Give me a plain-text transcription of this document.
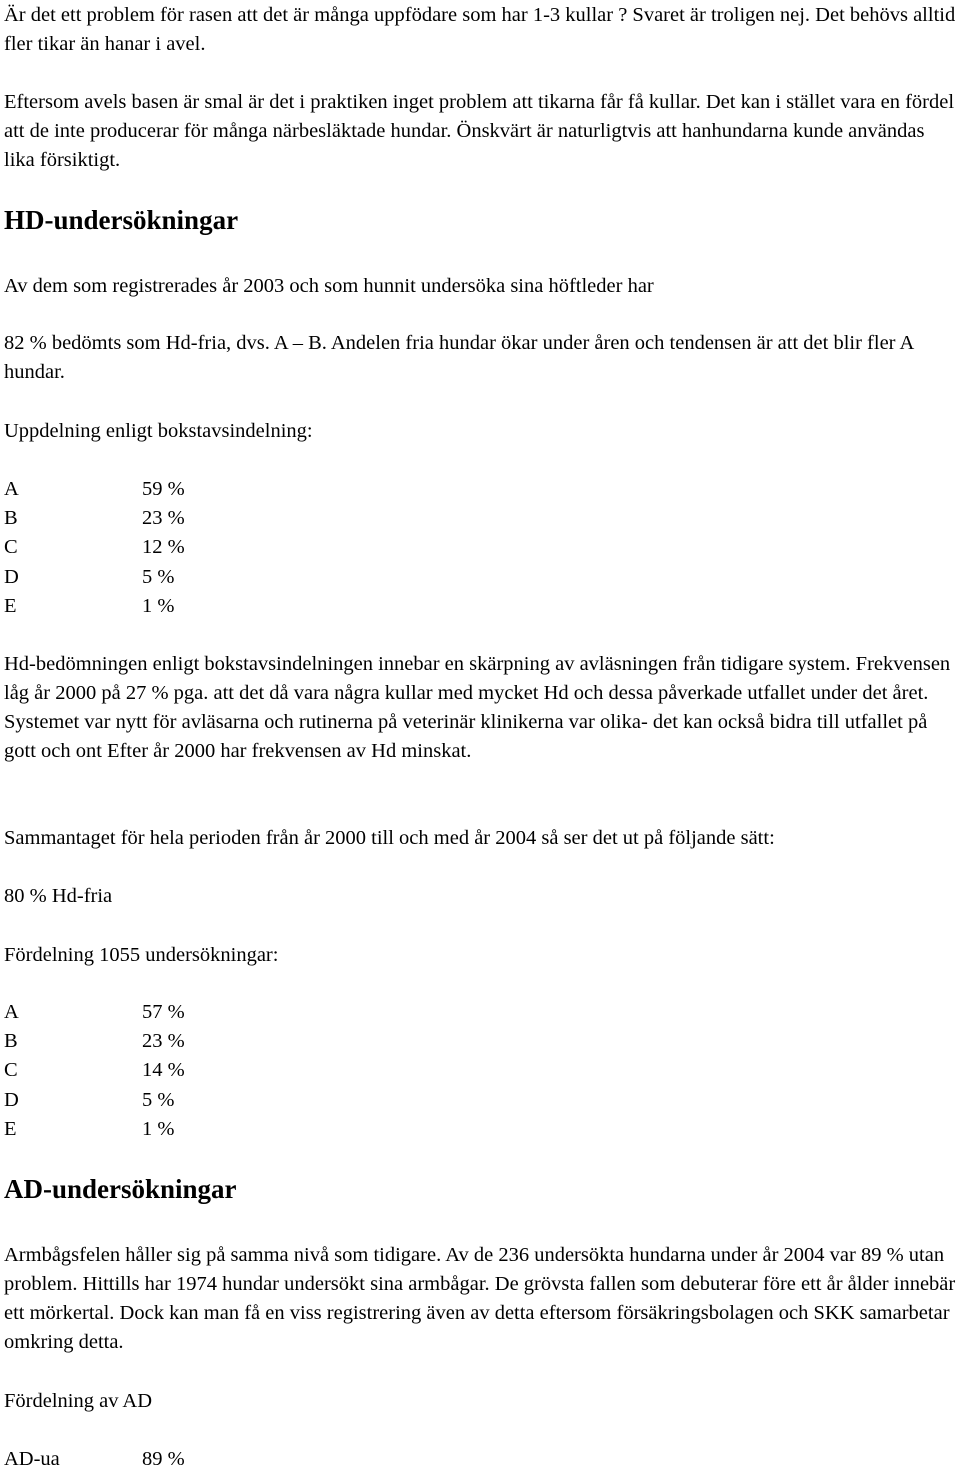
Är det ett problem för rasen att det är många uppfödare som har 1-3 kullar ? Svaret är troligen nej. Det behövs alltid fler tikar än hanar i avel.

Eftersom avels basen är smal är det i praktiken inget problem att tikarna får få kullar. Det kan i stället vara en fördel att de inte producerar för många närbesläktade hundar. Önskvärt är naturligtvis att hanhundarna kunde användas lika försiktigt.

HD-undersökningar

Av dem som registrerades år 2003 och som hunnit undersöka sina höftleder har

82 % bedömts som Hd-fria, dvs. A – B. Andelen fria hundar ökar under åren och tendensen är att det blir fler A hundar.

Uppdelning enligt bokstavsindelning:

A	59 %
B	23 %
C	12 %
D	5 %
E	1 %

Hd-bedömningen enligt bokstavsindelningen innebar en skärpning av avläsningen från tidigare system. Frekvensen låg år 2000 på 27 % pga. att det då vara några kullar med mycket Hd och dessa påverkade utfallet under det året. Systemet var nytt för avläsarna och rutinerna på veterinär klinikerna var olika- det kan också bidra till utfallet på gott och ont Efter år 2000 har frekvensen av Hd minskat.

Sammantaget för hela perioden från år 2000 till och med år 2004 så ser det ut på följande sätt:

80 % Hd-fria

Fördelning 1055 undersökningar:

A	57 %
B	23 %
C	14 %
D	5 %
E	1 %
AD-undersökningar

Armbågsfelen håller sig på samma nivå som tidigare. Av de 236 undersökta hundarna under år 2004 var 89 % utan problem. Hittills har 1974 hundar undersökt sina armbågar. De grövsta fallen som debuterar före ett år ålder innebär ett mörkertal. Dock kan man få en viss registrering även av detta eftersom försäkringsbolagen och SKK samarbetar omkring detta.

Fördelning av AD

AD-ua	89 %
